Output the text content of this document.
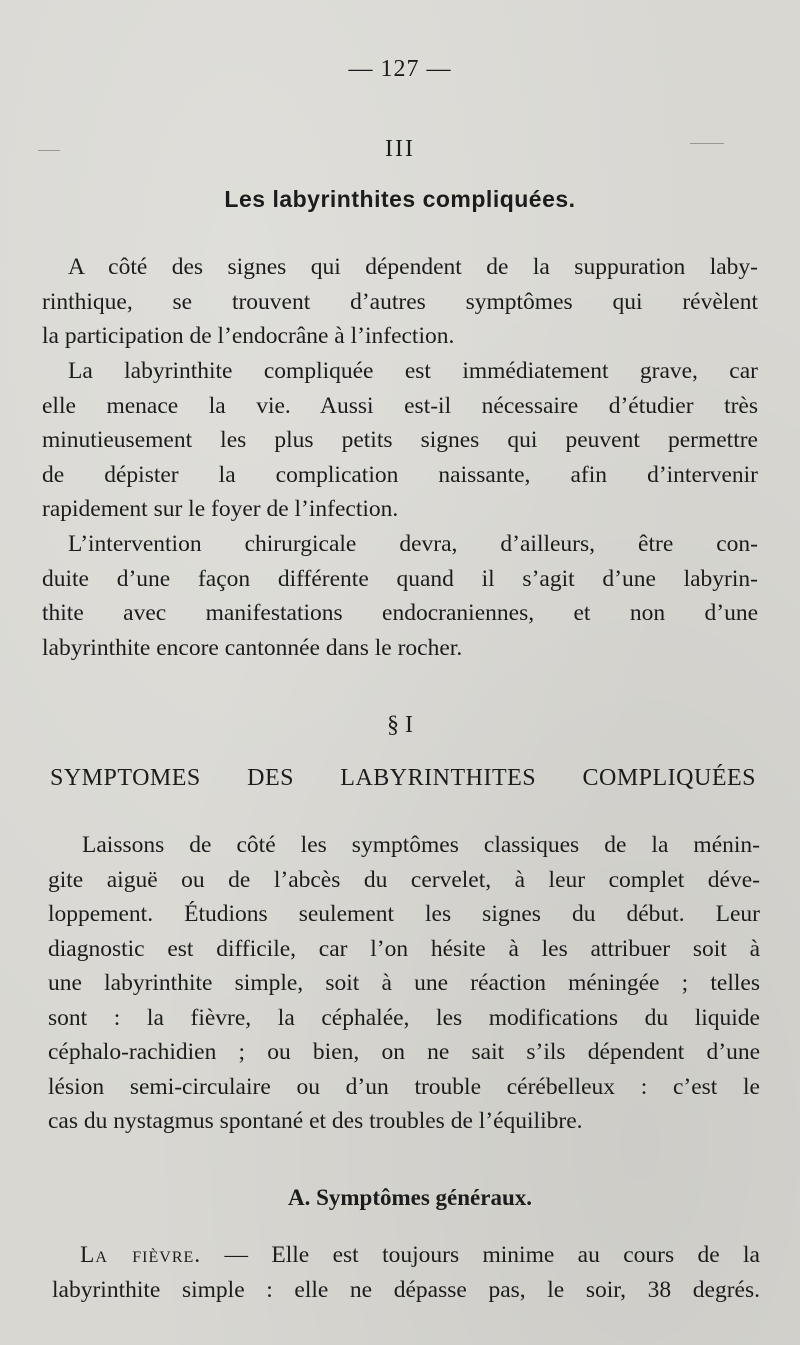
— 127 —
III
Les labyrinthites compliquées.

A côté des signes qui dépendent de la suppuration laby-
rinthique, se trouvent d’autres symptômes qui révèlent
la participation de l’endocrâne à l’infection.

La labyrinthite compliquée est immédiatement grave, car
elle menace la vie. Aussi est-il nécessaire d’étudier très
minutieusement les plus petits signes qui peuvent permettre
de dépister la complication naissante, afin d’intervenir
rapidement sur le foyer de l’infection.

L’intervention chirurgicale devra, d’ailleurs, être con-
duite d’une façon différente quand il s’agit d’une labyrin-
thite avec manifestations endocraniennes, et non d’une
labyrinthite encore cantonnée dans le rocher.

§ I
SYMPTOMES DES LABYRINTHITES COMPLIQUÉES

Laissons de côté les symptômes classiques de la ménin-
gite aiguë ou de l’abcès du cervelet, à leur complet déve-
loppement. Étudions seulement les signes du début. Leur
diagnostic est difficile, car l’on hésite à les attribuer soit à
une labyrinthite simple, soit à une réaction méningée ; telles
sont : la fièvre, la céphalée, les modifications du liquide
céphalo-rachidien ; ou bien, on ne sait s’ils dépendent d’une
lésion semi-circulaire ou d’un trouble cérébelleux : c’est le
cas du nystagmus spontané et des troubles de l’équilibre.

A. Symptômes généraux.

La fièvre. — Elle est toujours minime au cours de la
labyrinthite simple : elle ne dépasse pas, le soir, 38 degrés.
